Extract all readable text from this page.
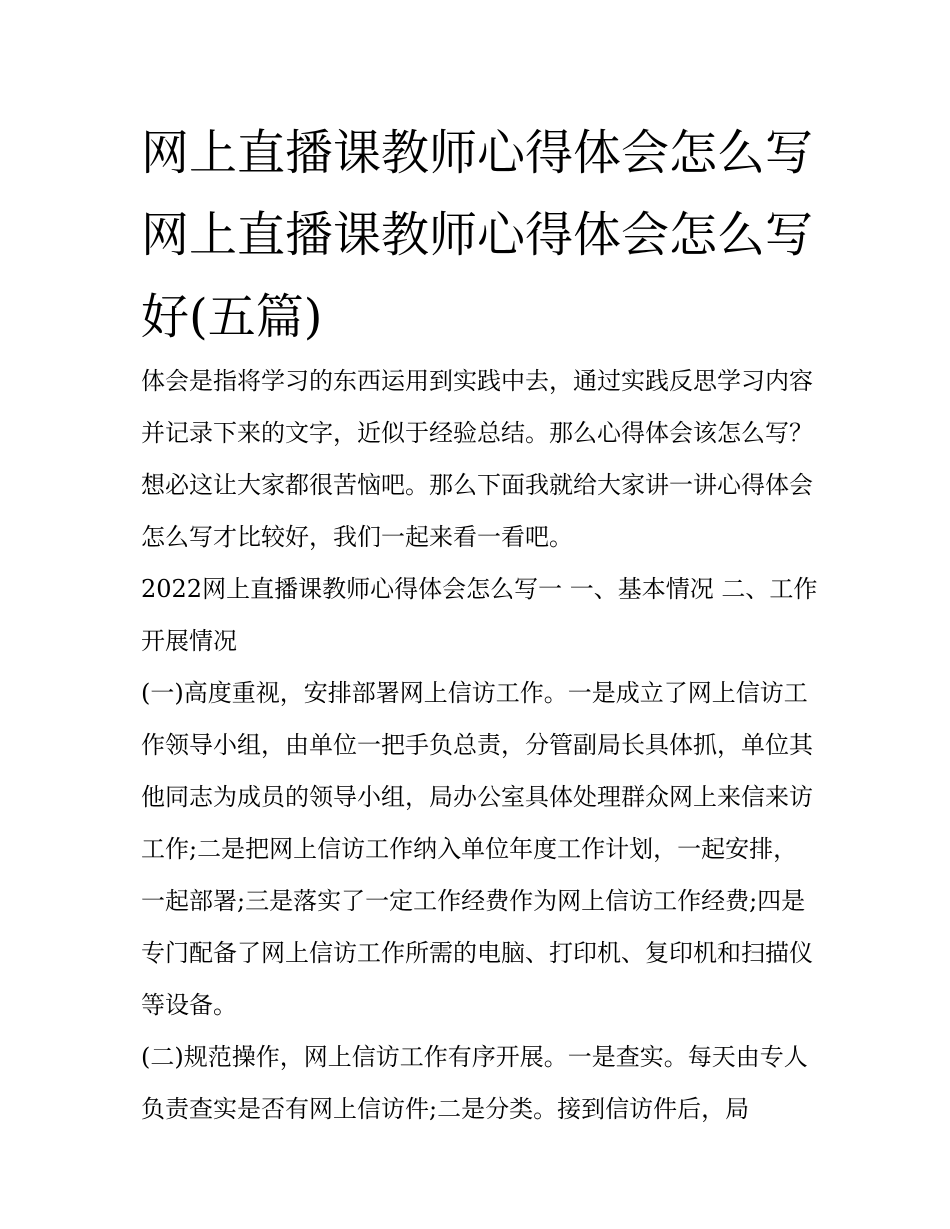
网上直播课教师心得体会怎么写 网上直播课教师心得体会怎么写好(五篇)

体会是指将学习的东西运用到实践中去，通过实践反思学习内容并记录下来的文字，近似于经验总结。那么心得体会该怎么写？想必这让大家都很苦恼吧。那么下面我就给大家讲一讲心得体会怎么写才比较好，我们一起来看一看吧。

2022网上直播课教师心得体会怎么写一 一、基本情况 二、工作开展情况

(一)高度重视，安排部署网上信访工作。一是成立了网上信访工作领导小组，由单位一把手负总责，分管副局长具体抓，单位其他同志为成员的领导小组，局办公室具体处理群众网上来信来访工作;二是把网上信访工作纳入单位年度工作计划，一起安排，一起部署;三是落实了一定工作经费作为网上信访工作经费;四是专门配备了网上信访工作所需的电脑、打印机、复印机和扫描仪等设备。

(二)规范操作，网上信访工作有序开展。一是查实。每天由专人负责查实是否有网上信访件;二是分类。接到信访件后，局
